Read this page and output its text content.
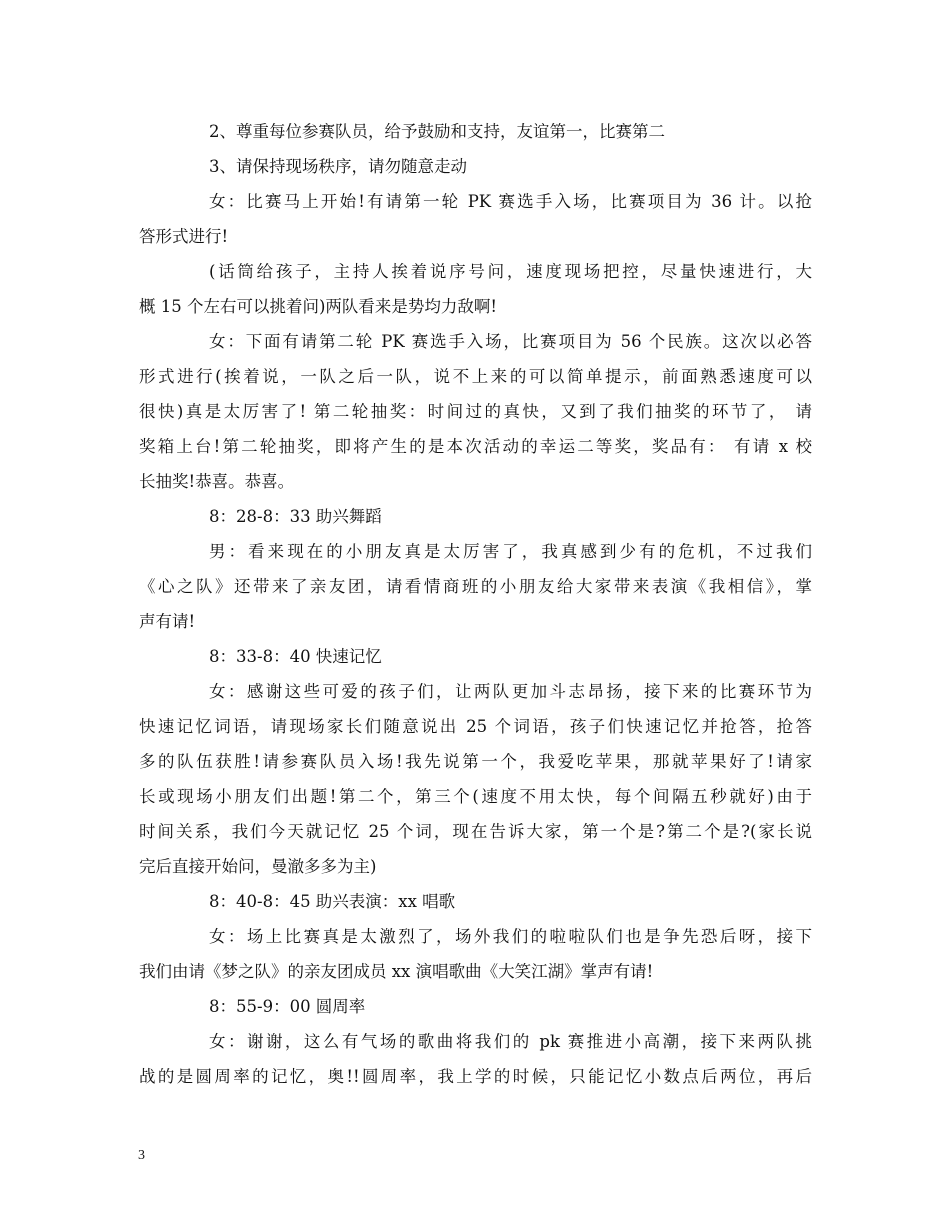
2、尊重每位参赛队员，给予鼓励和支持，友谊第一，比赛第二
3、请保持现场秩序，请勿随意走动
女：比赛马上开始!有请第一轮 PK 赛选手入场，比赛项目为 36 计。以抢
答形式进行!
(话筒给孩子，主持人挨着说序号问，速度现场把控，尽量快速进行，大
概 15 个左右可以挑着问)两队看来是势均力敌啊!
女：下面有请第二轮 PK 赛选手入场，比赛项目为 56 个民族。这次以必答
形式进行(挨着说，一队之后一队，说不上来的可以简单提示，前面熟悉速度可以
很快)真是太厉害了! 第二轮抽奖：时间过的真快，又到了我们抽奖的环节了， 请
奖箱上台!第二轮抽奖，即将产生的是本次活动的幸运二等奖，奖品有： 有请 x 校
长抽奖!恭喜。恭喜。
8：28-8：33 助兴舞蹈
男：看来现在的小朋友真是太厉害了，我真感到少有的危机，不过我们
《心之队》还带来了亲友团，请看情商班的小朋友给大家带来表演《我相信》，掌
声有请!
8：33-8：40 快速记忆
女：感谢这些可爱的孩子们，让两队更加斗志昂扬，接下来的比赛环节为
快速记忆词语，请现场家长们随意说出 25 个词语，孩子们快速记忆并抢答，抢答
多的队伍获胜!请参赛队员入场!我先说第一个，我爱吃苹果，那就苹果好了!请家
长或现场小朋友们出题!第二个，第三个(速度不用太快，每个间隔五秒就好)由于
时间关系，我们今天就记忆 25 个词，现在告诉大家，第一个是?第二个是?(家长说
完后直接开始问，曼澈多多为主)
8：40-8：45 助兴表演：xx 唱歌
女：场上比赛真是太激烈了，场外我们的啦啦队们也是争先恐后呀，接下
我们由请《梦之队》的亲友团成员 xx 演唱歌曲《大笑江湖》掌声有请!
8：55-9：00 圆周率
女：谢谢，这么有气场的歌曲将我们的 pk 赛推进小高潮，接下来两队挑
战的是圆周率的记忆，奥!!圆周率，我上学的时候，只能记忆小数点后两位，再后
3
